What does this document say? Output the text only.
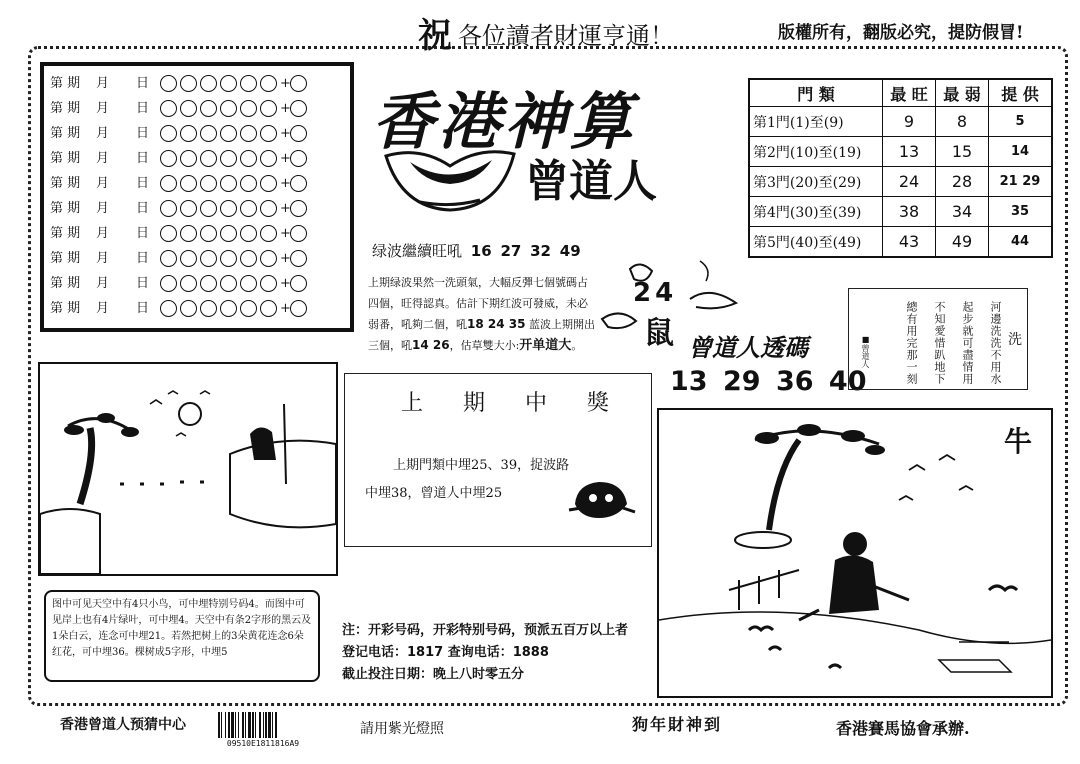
祝 各位讀者財運亨通！	版權所有，翻版必究，提防假冒!
第 期 月 日	+
第 期 月 日	+
第 期 月 日	+
第 期 月 日	+
第 期 月 日	+
第 期 月 日	+
第 期 月 日	+
第 期 月 日	+
第 期 月 日	+
第 期 月 日	+
香港神算
曾道人
绿波繼續旺吼 16 27 32 49
上期绿波果然一洗頭氣，大幅反彈七個號碼占
四個，旺得認真。估計下期红波可發威，未必
弱番，吼夠二個，吼18 24 35 蓝波上期開出
三個，吼14 26，估草雙大小:开单道大。
門 類	最 旺	最 弱	提 供
第1門(1)至(9)	9	8	5
第2門(10)至(19)	13	15	14
第3門(20)至(29)	24	28	21 29
第4門(30)至(39)	38	34	35
第5門(40)至(49)	43	49	44
24
鼠 曾道人透碼
13 29 36 40
洗
河邊洗洗不用水
起步就可盡情用
不知愛惜趴地下
總有用完那一刻
■曾道人
上期中獎
上期門類中埋25、39，捉波路
中埋38，曾道人中埋25
牛
图中可见天空中有4只小鸟，可中埋特别号码4。而图中可见岸上也有4片绿叶，可中埋4。天空中有条2字形的黑云及1朵白云，连念可中埋21。若然把树上的3朵黄花连念6朵红花，可中埋36。棵树成5字形，中埋5
注：开彩号码，开彩特别号码，预派五百万以上者
登记电话：1817 查询电话：1888
截止投注日期：晚上八时零五分
香港曾道人预猜中心
09510E1811816A9
請用紫光燈照	狗年財神到	香港賽馬協會承辦.
